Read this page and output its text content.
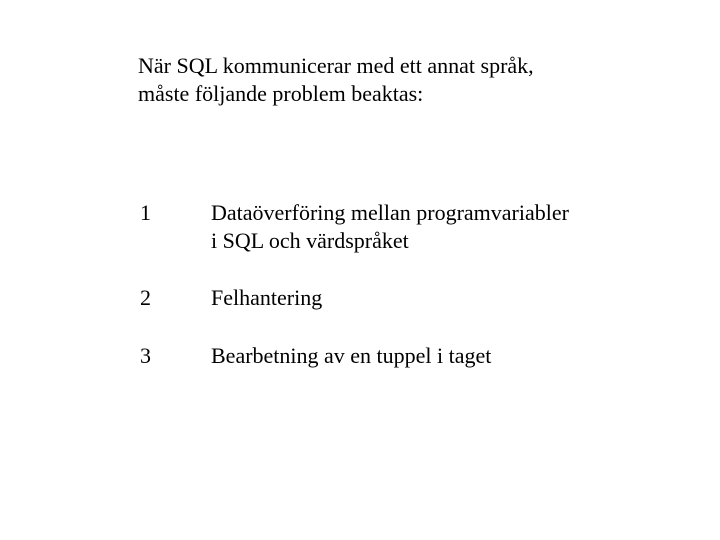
När SQL kommunicerar med ett annat språk,
måste följande problem beaktas:
1	Dataöverföring mellan programvariabler
i SQL och värdspråket
2	Felhantering
3	Bearbetning av en tuppel i taget
